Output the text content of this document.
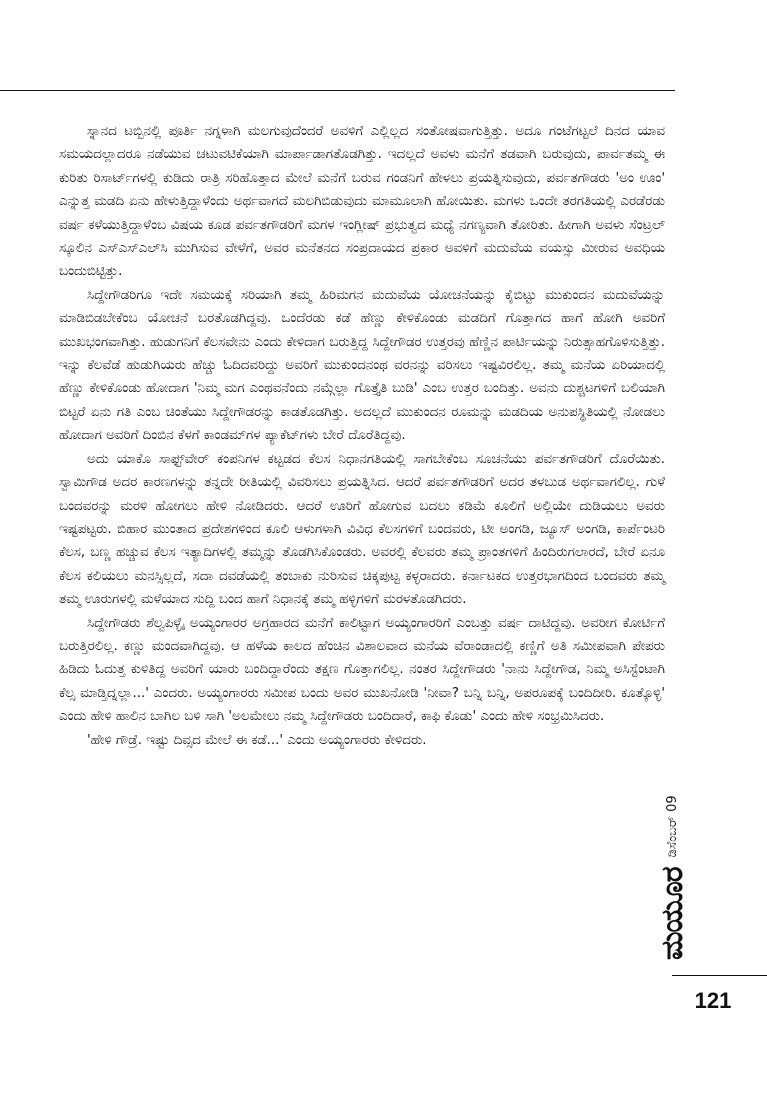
ಸ್ನಾನದ ಟಬ್ಬಿನಲ್ಲಿ ಪೂರ್ತಿ ನಗ್ನಳಾಗಿ ಮಲಗುವುದೆಂದರೆ ಅವಳಿಗೆ ಎಲ್ಲಿಲ್ಲದ ಸಂತೋಷವಾಗುತ್ತಿತ್ತು. ಅದೂ ಗಂಟೆಗಟ್ಟಲೆ ದಿನದ ಯಾವ ಸಮಯದಲ್ಲಾದರೂ ನಡೆಯುವ ಚಟುವಟಿಕೆಯಾಗಿ ಮಾರ್ಪಾಡಾಗತೊಡಗಿತ್ತು. ಇದಲ್ಲದೆ ಅವಳು ಮನೆಗೆ ತಡವಾಗಿ ಬರುವುದು, ಪಾರ್ವತಮ್ಮ ಈ ಕುರಿತು ರಿಸಾರ್ಟ್‌ಗಳಲ್ಲಿ ಕುಡಿದು ರಾತ್ರಿ ಸರಿಹೊತ್ತಾದ ಮೇಲೆ ಮನೆಗೆ ಬರುವ ಗಂಡನಿಗೆ ಹೇಳಲು ಪ್ರಯತ್ನಿಸುವುದು, ಪರ್ವತಗೌಡರು 'ಅಂ ಊಂ' ಎನ್ನುತ್ತ ಮಡದಿ ಏನು ಹೇಳುತ್ತಿದ್ದಾಳೆಂದು ಅರ್ಥವಾಗದೆ ಮಲಗಿಬಿಡುವುದು ಮಾಮೂಲಾಗಿ ಹೋಯಿತು. ಮಗಳು ಒಂದೇ ತರಗತಿಯಲ್ಲಿ ಎರಡೆರಡು ವರ್ಷ ಕಳೆಯುತ್ತಿದ್ದಾಳೆಂಬ ವಿಷಯ ಕೂಡ ಪರ್ವತಗೌಡರಿಗೆ ಮಗಳ ಇಂಗ್ಲೀಷ್ ಪ್ರಭುತ್ವದ ಮಧ್ಯೆ ನಗಣ್ಯವಾಗಿ ತೋರಿತು. ಹೀಗಾಗಿ ಅವಳು ಸೆಂಟ್ರಲ್ ಸ್ಕೂಲಿನ ಎಸ್‌ಎಸ್‌ಎಲ್‌ಸಿ ಮುಗಿಸುವ ವೇಳೆಗೆ, ಅವರ ಮನೆತನದ ಸಂಪ್ರದಾಯದ ಪ್ರಕಾರ ಅವಳಿಗೆ ಮದುವೆಯ ವಯಸ್ಸು ಮೀರುವ ಅವಧಿಯ ಬಂದುಬಿಟ್ಟಿತ್ತು.

ಸಿದ್ದೇಗೌಡರಿಗೂ ಇದೇ ಸಮಯಕ್ಕೆ ಸರಿಯಾಗಿ ತಮ್ಮ ಹಿರಿಮಗನ ಮದುವೆಯ ಯೋಚನೆಯನ್ನು ಕೈಬಿಟ್ಟು ಮುಕುಂದನ ಮದುವೆಯನ್ನು ಮಾಡಿಬಿಡಬೇಕೆಂಬ ಯೋಚನೆ ಬರತೊಡಗಿದ್ದವು. ಒಂದೆರಡು ಕಡೆ ಹೆಣ್ಣು ಕೇಳಿಕೊಂಡು ಮಡದಿಗೆ ಗೊತ್ತಾಗದ ಹಾಗೆ ಹೋಗಿ ಅವರಿಗೆ ಮುಖಭಂಗವಾಗಿತ್ತು. ಹುಡುಗನಿಗೆ ಕೆಲಸವೇನು ಎಂದು ಕೇಳಿದಾಗ ಬರುತ್ತಿದ್ದ ಸಿದ್ದೇಗೌಡರ ಉತ್ತರವು ಹೆಣ್ಣಿನ ಪಾರ್ಟಿಯನ್ನು ನಿರುತ್ಸಾಹಗೊಳಿಸುತ್ತಿತ್ತು. ಇನ್ನು ಕೆಲವೆಡೆ ಹುಡುಗಿಯರು ಹೆಚ್ಚು ಓದಿದವರಿದ್ದು ಅವರಿಗೆ ಮುಕುಂದನಂಥ ವರನನ್ನು ವರಿಸಲು ಇಷ್ಟವಿರಲಿಲ್ಲ. ತಮ್ಮ ಮನೆಯ ಏರಿಯಾದಲ್ಲಿ ಹೆಣ್ಣು ಕೇಳಿಕೊಂಡು ಹೋದಾಗ 'ನಿಮ್ಮ ಮಗ ಎಂಥವನೆಂದು ನಮ್ಗೆಲ್ಲಾ ಗೊತ್ತೈತಿ ಬುಡಿ' ಎಂಬ ಉತ್ತರ ಬಂದಿತ್ತು. ಅವನು ದುಶ್ಚಟಗಳಿಗೆ ಬಲಿಯಾಗಿ ಬಿಟ್ಟರೆ ಏನು ಗತಿ ಎಂಬ ಚಿಂತೆಯು ಸಿದ್ದೇಗೌಡರನ್ನು ಕಾಡತೊಡಗಿತ್ತು. ಅದಲ್ಲದೆ ಮುಕುಂದನ ರೂಮನ್ನು ಮಡದಿಯ ಅನುಪಸ್ಥಿತಿಯಲ್ಲಿ ನೋಡಲು ಹೋದಾಗ ಅವರಿಗೆ ದಿಂಬಿನ ಕೆಳಗೆ ಕಾಂಡಮ್‌ಗಳ ಪ್ಯಾಕೆಟ್‌ಗಳು ಬೇರೆ ದೊರೆತಿದ್ದವು.

ಅದು ಯಾಕೊ ಸಾಫ್ಟ್‌ವೇರ್ ಕಂಪನಿಗಳ ಕಟ್ಟಡದ ಕೆಲಸ ನಿಧಾನಗತಿಯಲ್ಲಿ ಸಾಗಬೇಕೆಂಬ ಸೂಚನೆಯು ಪರ್ವತಗೌಡರಿಗೆ ದೊರೆಯಿತು. ಸ್ವಾಮಿಗೌಡ ಅದರ ಕಾರಣಗಳನ್ನು ತನ್ನದೇ ರೀತಿಯಲ್ಲಿ ವಿವರಿಸಲು ಪ್ರಯತ್ನಿಸಿದ. ಆದರೆ ಪರ್ವತಗೌಡರಿಗೆ ಅದರ ತಳಬುಡ ಅರ್ಥವಾಗಲಿಲ್ಲ. ಗುಳೆ ಬಂದವರನ್ನು ಮರಳಿ ಹೋಗಲು ಹೇಳಿ ನೋಡಿದರು. ಆದರೆ ಊರಿಗೆ ಹೋಗುವ ಬದಲು ಕಡಿಮೆ ಕೂಲಿಗೆ ಅಲ್ಲಿಯೇ ದುಡಿಯಲು ಅವರು ಇಷ್ಟಪಟ್ಟರು. ಬಿಹಾರ ಮುಂತಾದ ಪ್ರದೇಶಗಳಿಂದ ಕೂಲಿ ಆಳುಗಳಾಗಿ ವಿವಿಧ ಕೆಲಸಗಳಿಗೆ ಬಂದವರು, ಟೀ ಅಂಗಡಿ, ಜ್ಯೂಸ್ ಅಂಗಡಿ, ಕಾರ್ಪೆಂಟರಿ ಕೆಲಸ, ಬಣ್ಣ ಹಚ್ಚುವ ಕೆಲಸ ಇತ್ಯಾದಿಗಳಲ್ಲಿ ತಮ್ಮನ್ನು ತೊಡಗಿಸಿಕೊಂಡರು. ಅವರಲ್ಲಿ ಕೆಲವರು ತಮ್ಮ ಪ್ರಾಂತಗಳಿಗೆ ಹಿಂದಿರುಗಲಾರದೆ, ಬೇರೆ ಏನೂ ಕೆಲಸ ಕಲಿಯಲು ಮನಸ್ಸಿಲ್ಲದೆ, ಸದಾ ದವಡೆಯಲ್ಲಿ ತಂಬಾಕು ನುರಿಸುವ ಚಿಕ್ಕಪುಟ್ಟ ಕಳ್ಳರಾದರು. ಕರ್ನಾಟಕದ ಉತ್ತರಭಾಗದಿಂದ ಬಂದವರು ತಮ್ಮ ತಮ್ಮ ಊರುಗಳಲ್ಲಿ ಮಳೆಯಾದ ಸುದ್ದಿ ಬಂದ ಹಾಗೆ ನಿಧಾನಕ್ಕೆ ತಮ್ಮ ಹಳ್ಳಿಗಳಿಗೆ ಮರಳತೊಡಗಿದರು.

ಸಿದ್ದೇಗೌಡರು ಶೆಲ್ವಪಿಳ್ಳೈ ಅಯ್ಯಂಗಾರರ ಅಗ್ರಹಾರದ ಮನೆಗೆ ಕಾಲಿಟ್ಟಾಗ ಅಯ್ಯಂಗಾರರಿಗೆ ಎಂಬತ್ತು ವರ್ಷ ದಾಟಿದ್ದವು. ಅವರೀಗ ಕೋರ್ಟಿಗೆ ಬರುತ್ತಿರಲಿಲ್ಲ. ಕಣ್ಣು ಮಂದವಾಗಿದ್ದವು. ಆ ಹಳೆಯ ಕಾಲದ ಹೆಂಚಿನ ವಿಶಾಲವಾದ ಮನೆಯ ವೆರಾಂಡಾದಲ್ಲಿ ಕಣ್ಣಿಗೆ ಅತಿ ಸಮೀಪವಾಗಿ ಪೇಪರು ಹಿಡಿದು ಓದುತ್ತ ಕುಳಿತಿದ್ದ ಅವರಿಗೆ ಯಾರು ಬಂದಿದ್ದಾರೆಂದು ತಕ್ಷಣ ಗೊತ್ತಾಗಲಿಲ್ಲ. ನಂತರ ಸಿದ್ದೇಗೌಡರು 'ನಾನು ಸಿದ್ದೇಗೌಡ, ನಿಮ್ಮ ಅಸಿಸ್ಟೆಂಟಾಗಿ ಕೆಲ್ಸ ಮಾಡ್ತಿದ್ನಲ್ಲಾ...' ಎಂದರು. ಅಯ್ಯಂಗಾರರು ಸಮೀಪ ಬಂದು ಅವರ ಮುಖನೋಡಿ 'ನೀವಾ? ಬನ್ನಿ ಬನ್ನಿ, ಅಪರೂಪಕ್ಕೆ ಬಂದಿದೀರಿ. ಕೂತ್ಕೊಳ್ಳಿ' ಎಂದು ಹೇಳಿ ಹಾಲಿನ ಬಾಗಿಲ ಬಳಿ ಸಾಗಿ 'ಅಲಮೇಲು ನಮ್ಮ ಸಿದ್ದೇಗೌಡರು ಬಂದಿದಾರೆ, ಕಾಫಿ ಕೊಡು' ಎಂದು ಹೇಳಿ ಸಂಭ್ರಮಿಸಿದರು.

'ಹೇಳಿ ಗೌಡ್ರೆ. ಇಷ್ಟು ದಿವ್ಸದ ಮೇಲೆ ಈ ಕಡೆ...' ಎಂದು ಅಯ್ಯಂಗಾರರು ಕೇಳಿದರು.

ಮಯೂರ
ಡಿಸೆಂಬರ್ 09
121
